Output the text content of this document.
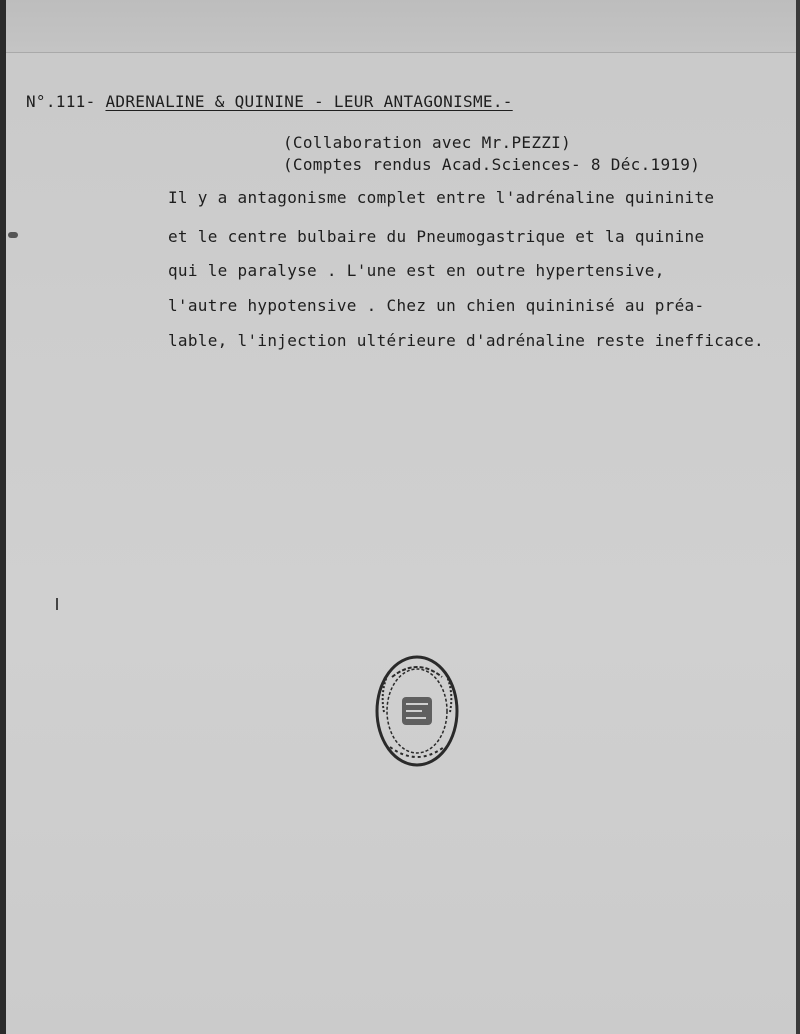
N°.111- ADRENALINE & QUININE - LEUR ANTAGONISME.-

(Collaboration avec Mr.PEZZI)

(Comptes rendus Acad.Sciences- 8 Déc.1919)

Il y a antagonisme complet entre l'adrénaline quininite

et le centre bulbaire du Pneumogastrique et la quinine

qui le paralyse . L'une est en outre hypertensive,

l'autre hypotensive . Chez un chien quininisé au préa-

lable, l'injection ultérieure d'adrénaline reste inefficace.
